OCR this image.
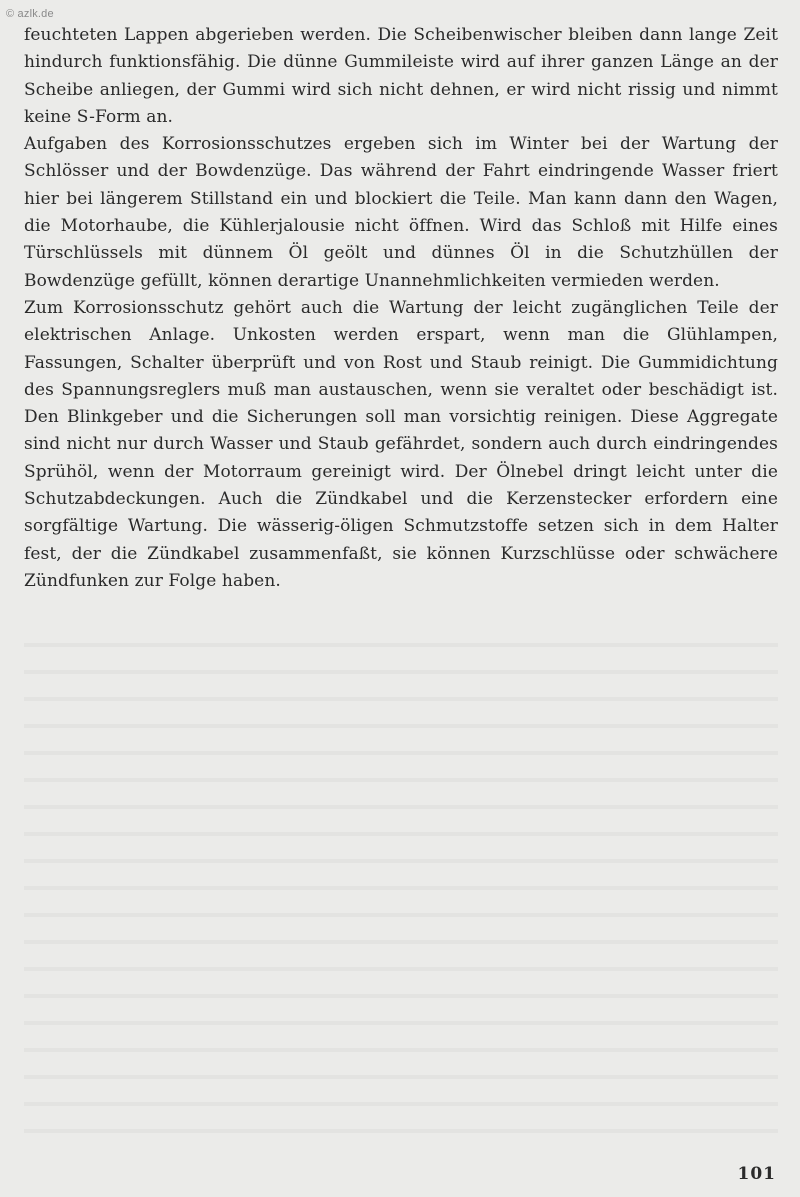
© azlk.de

feuchteten Lappen abgerieben werden. Die Scheibenwischer bleiben dann lange Zeit hindurch funktionsfähig. Die dünne Gummileiste wird auf ihrer ganzen Länge an der Scheibe anliegen, der Gummi wird sich nicht dehnen, er wird nicht rissig und nimmt keine S-Form an.

Aufgaben des Korrosionsschutzes ergeben sich im Winter bei der Wartung der Schlösser und der Bowdenzüge. Das während der Fahrt eindringende Wasser friert hier bei längerem Stillstand ein und blockiert die Teile. Man kann dann den Wagen, die Motorhaube, die Kühlerjalousie nicht öffnen. Wird das Schloß mit Hilfe eines Türschlüssels mit dünnem Öl geölt und dünnes Öl in die Schutzhüllen der Bowdenzüge gefüllt, können derartige Unannehmlichkeiten vermieden werden.

Zum Korrosionsschutz gehört auch die Wartung der leicht zugänglichen Teile der elektrischen Anlage. Unkosten werden erspart, wenn man die Glühlampen, Fassungen, Schalter überprüft und von Rost und Staub reinigt. Die Gummidichtung des Spannungsreglers muß man austauschen, wenn sie veraltet oder beschädigt ist. Den Blinkgeber und die Sicherungen soll man vorsichtig reinigen. Diese Aggregate sind nicht nur durch Wasser und Staub gefährdet, sondern auch durch eindringendes Sprühöl, wenn der Motorraum gereinigt wird. Der Ölnebel dringt leicht unter die Schutzabdeckungen. Auch die Zündkabel und die Kerzenstecker erfordern eine sorgfältige Wartung. Die wässerig-öligen Schmutzstoffe setzen sich in dem Halter fest, der die Zündkabel zusammenfaßt, sie können Kurzschlüsse oder schwächere Zündfunken zur Folge haben.

101
